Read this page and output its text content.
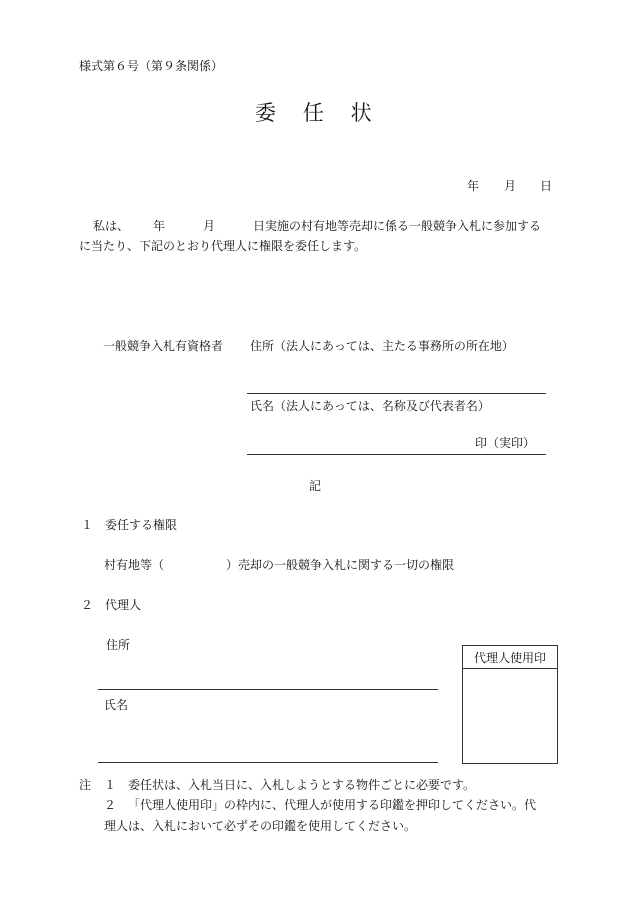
様式第６号（第９条関係）
委 任 状
年 月 日
私は、 年	月	日実施の村有地等売却に係る一般競争入札に参加する
に当たり、下記のとおり代理人に権限を委任します。
一般競争入札有資格者 住所（法人にあっては、主たる事務所の所在地）
氏名（法人にあっては、名称及び代表者名）
印（実印）
記
１　委任する権限
村有地等（	）売却の一般競争入札に関する一切の権限
２　代理人
住所
氏名
代理人使用印
注 １ 委任状は、入札当日に、入札しようとする物件ごとに必要です。
２ 「代理人使用印」の枠内に、代理人が使用する印鑑を押印してください。代
理人は、入札において必ずその印鑑を使用してください。
